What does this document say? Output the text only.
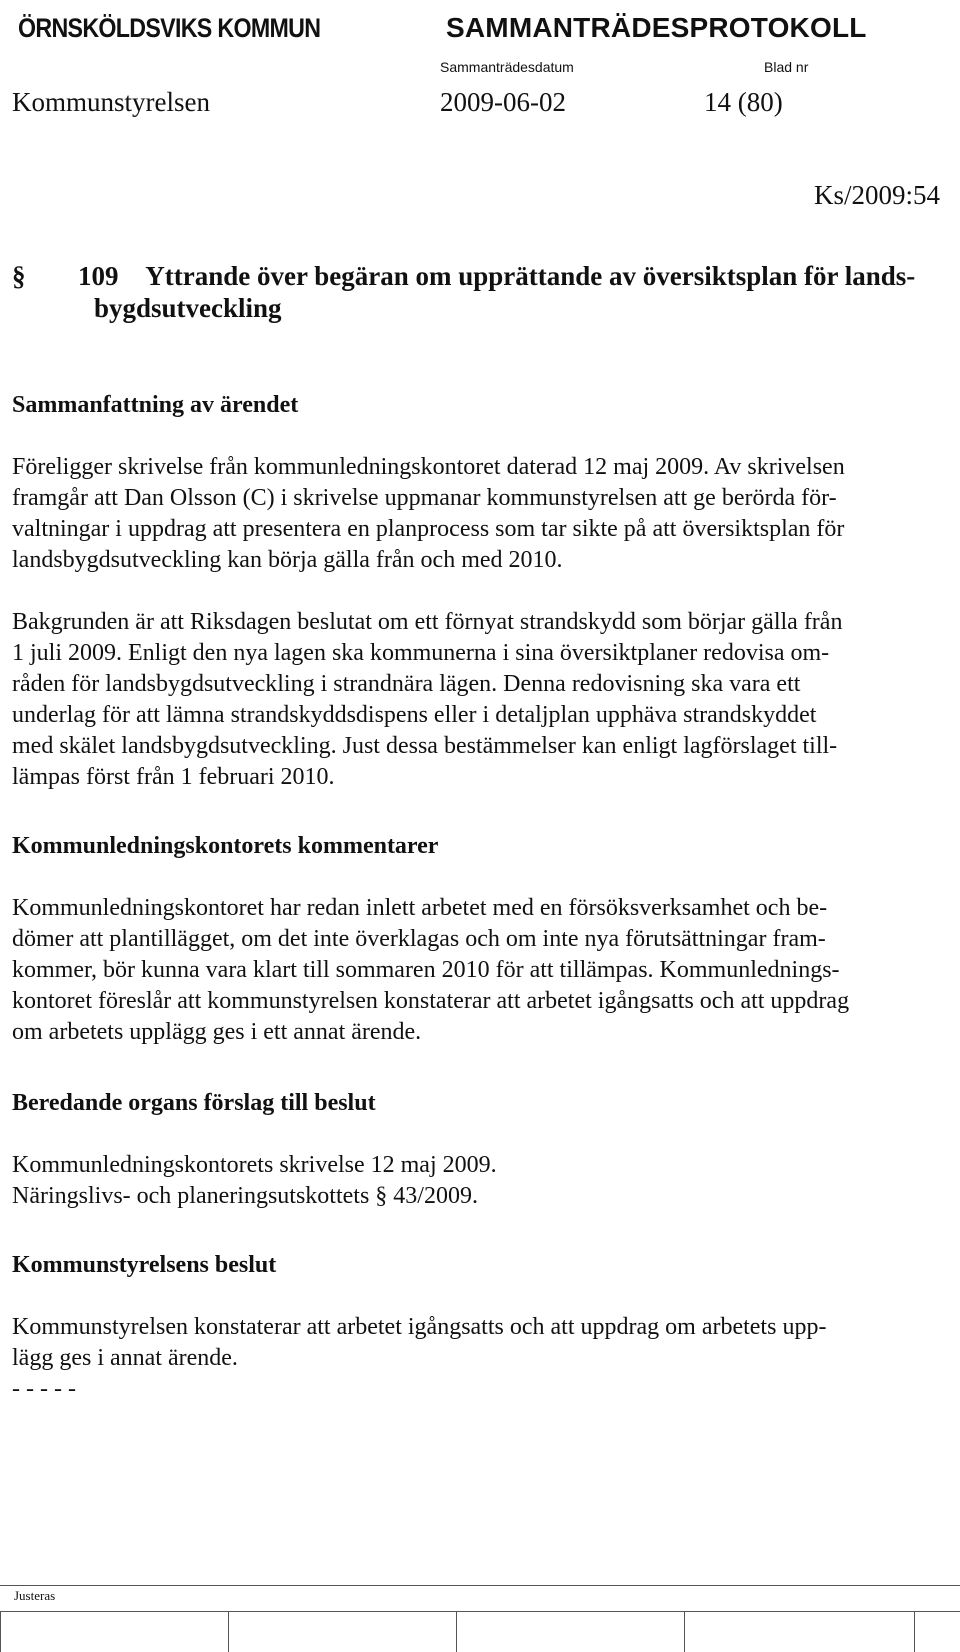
ÖRNSKÖLDSVIKS KOMMUN	SAMMANTRÄDESPROTOKOLL
Sammanträdesdatum	Blad nr
Kommunstyrelsen	2009-06-02	14 (80)
Ks/2009:54
§ 109 Yttrande över begäran om upprättande av översiktsplan för lands-
bygdsutveckling
Sammanfattning av ärendet

Föreligger skrivelse från kommunledningskontoret daterad 12 maj 2009. Av skrivelsen
framgår att Dan Olsson (C) i skrivelse uppmanar kommunstyrelsen att ge berörda för-
valtningar i uppdrag att presentera en planprocess som tar sikte på att översiktsplan för
landsbygdsutveckling kan börja gälla från och med 2010.

Bakgrunden är att Riksdagen beslutat om ett förnyat strandskydd som börjar gälla från
1 juli 2009. Enligt den nya lagen ska kommunerna i sina översiktplaner redovisa om-
råden för landsbygdsutveckling i strandnära lägen. Denna redovisning ska vara ett
underlag för att lämna strandskyddsdispens eller i detaljplan upphäva strandskyddet
med skälet landsbygdsutveckling. Just dessa bestämmelser kan enligt lagförslaget till-
lämpas först från 1 februari 2010.

Kommunledningskontorets kommentarer

Kommunledningskontoret har redan inlett arbetet med en försöksverksamhet och be-
dömer att plantillägget, om det inte överklagas och om inte nya förutsättningar fram-
kommer, bör kunna vara klart till sommaren 2010 för att tillämpas. Kommunlednings-
kontoret föreslår att kommunstyrelsen konstaterar att arbetet igångsatts och att uppdrag
om arbetets upplägg ges i ett annat ärende.

Beredande organs förslag till beslut

Kommunledningskontorets skrivelse 12 maj 2009.
Näringslivs- och planeringsutskottets § 43/2009.

Kommunstyrelsens beslut

Kommunstyrelsen konstaterar att arbetet igångsatts och att uppdrag om arbetets upp-
lägg ges i annat ärende.
- - - - -

Justeras
